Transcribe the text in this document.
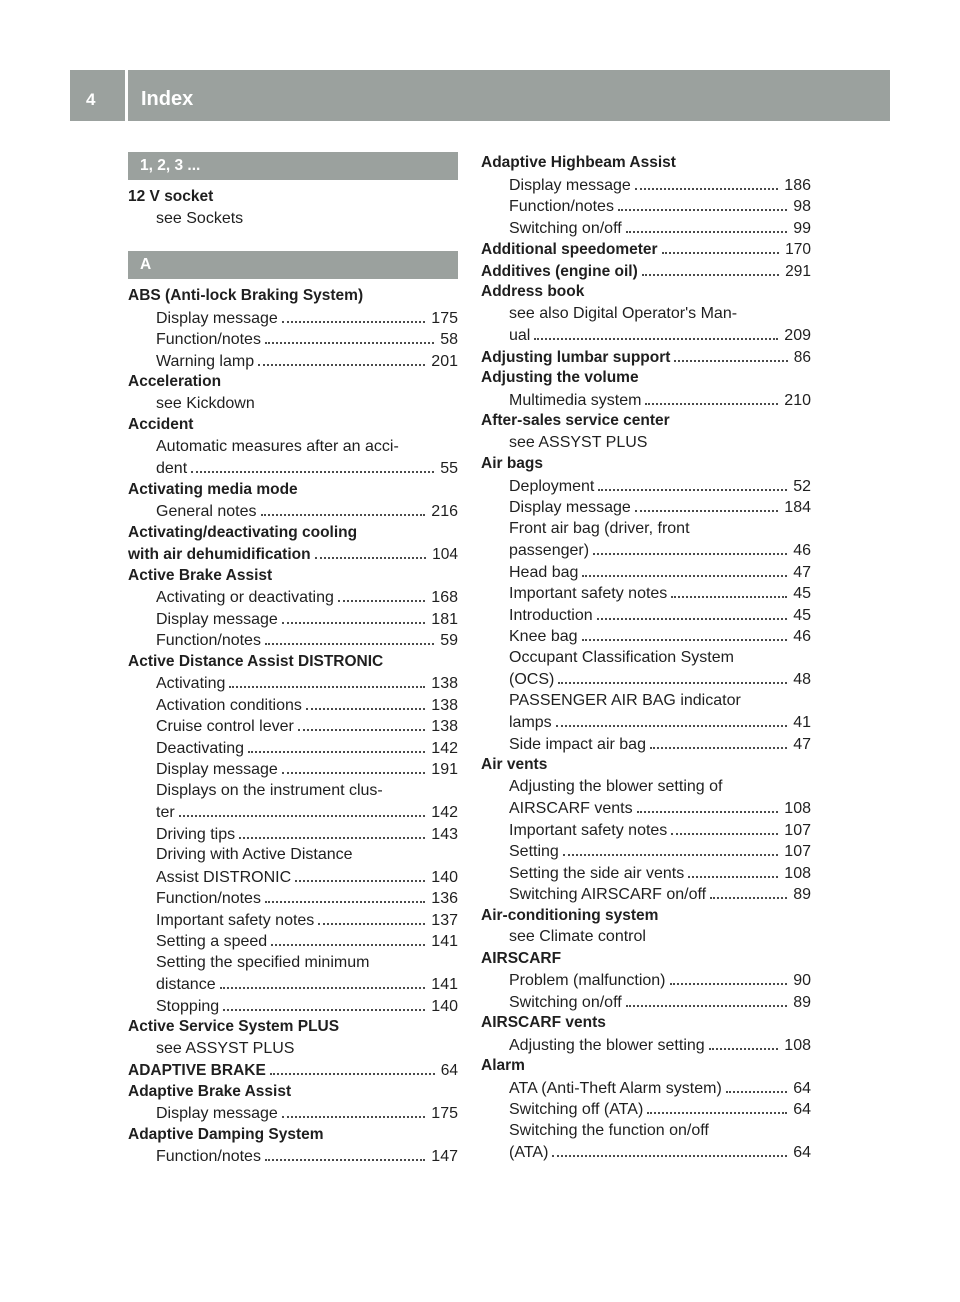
4 Index
1, 2, 3 ...
12 V socket
see Sockets
A
ABS (Anti-lock Braking System)
Display message	175
Function/notes	58
Warning lamp	201
Acceleration
see Kickdown
Accident
Automatic measures after an acci-
dent	55
Activating media mode
General notes	216
Activating/deactivating cooling
with air dehumidification	104
Active Brake Assist
Activating or deactivating	168
Display message	181
Function/notes	59
Active Distance Assist DISTRONIC
Activating	138
Activation conditions	138
Cruise control lever	138
Deactivating	142
Display message	191
Displays on the instrument clus-
ter	142
Driving tips	143
Driving with Active Distance
Assist DISTRONIC	140
Function/notes	136
Important safety notes	137
Setting a speed	141
Setting the specified minimum
distance	141
Stopping	140
Active Service System PLUS
see ASSYST PLUS
ADAPTIVE BRAKE	64
Adaptive Brake Assist
Display message	175
Adaptive Damping System
Function/notes	147
Adaptive Highbeam Assist
Display message	186
Function/notes	98
Switching on/off	99
Additional speedometer	170
Additives (engine oil)	291
Address book
see also Digital Operator's Man-
ual	209
Adjusting lumbar support	86
Adjusting the volume
Multimedia system	210
After-sales service center
see ASSYST PLUS
Air bags
Deployment	52
Display message	184
Front air bag (driver, front
passenger)	46
Head bag	47
Important safety notes	45
Introduction	45
Knee bag	46
Occupant Classification System
(OCS)	48
PASSENGER AIR BAG indicator
lamps	41
Side impact air bag	47
Air vents
Adjusting the blower setting of
AIRSCARF vents	108
Important safety notes	107
Setting	107
Setting the side air vents	108
Switching AIRSCARF on/off	89
Air-conditioning system
see Climate control
AIRSCARF
Problem (malfunction)	90
Switching on/off	89
AIRSCARF vents
Adjusting the blower setting	108
Alarm
ATA (Anti-Theft Alarm system)	64
Switching off (ATA)	64
Switching the function on/off
(ATA)	64
